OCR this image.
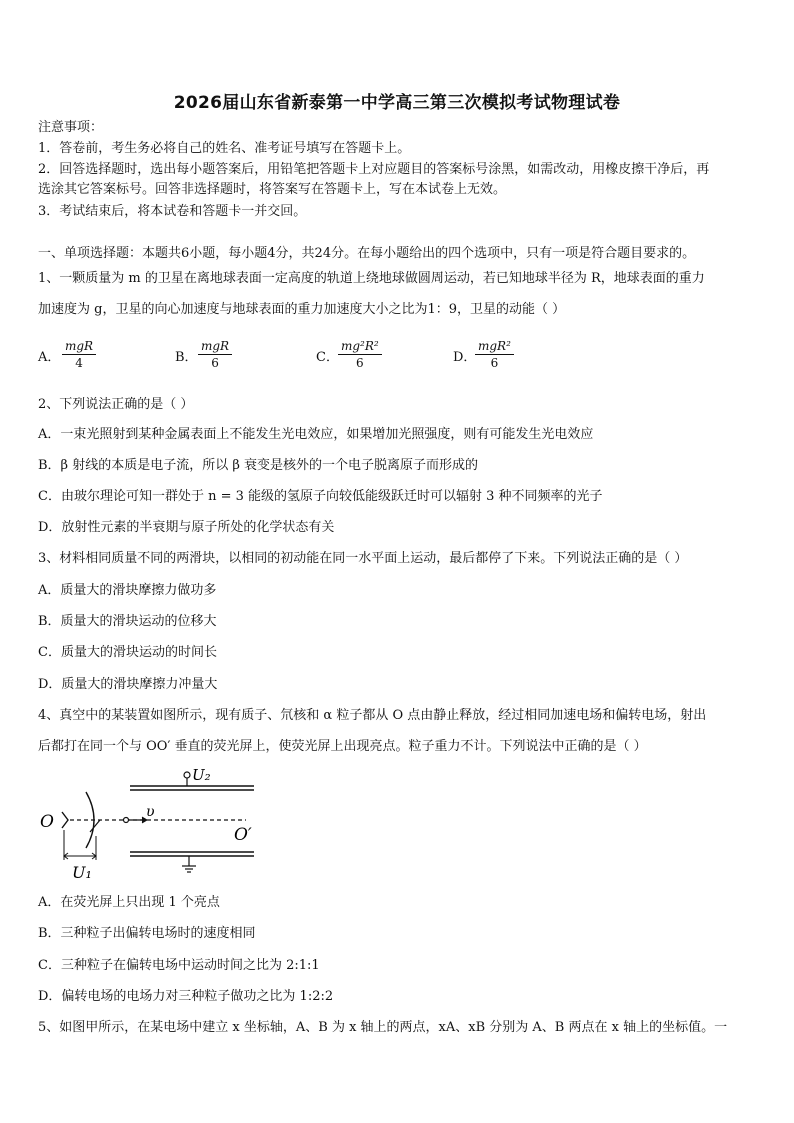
2026届山东省新泰第一中学高三第三次模拟考试物理试卷
注意事项：
1．答卷前，考生务必将自己的姓名、准考证号填写在答题卡上。
2．回答选择题时，选出每小题答案后，用铅笔把答题卡上对应题目的答案标号涂黑，如需改动，用橡皮擦干净后，再
选涂其它答案标号。回答非选择题时，将答案写在答题卡上，写在本试卷上无效。
3．考试结束后，将本试卷和答题卡一并交回。
一、单项选择题：本题共6小题，每小题4分，共24分。在每小题给出的四个选项中，只有一项是符合题目要求的。
1、一颗质量为 m 的卫星在离地球表面一定高度的轨道上绕地球做圆周运动，若已知地球半径为 R，地球表面的重力
加速度为 g，卫星的向心加速度与地球表面的重力加速度大小之比为1：9，卫星的动能（ ）
A．
mgR
4	B．
mgR
6	C． $\frac{\text{mg²R²}}{6}$	D．
mgR²
6
2、下列说法正确的是（ ）
A．一束光照射到某种金属表面上不能发生光电效应，如果增加光照强度，则有可能发生光电效应
B．β 射线的本质是电子流，所以 β 衰变是核外的一个电子脱离原子而形成的
C．由玻尔理论可知一群处于 n = 3 能级的氢原子向较低能级跃迁时可以辐射 3 种不同频率的光子
D．放射性元素的半衰期与原子所处的化学状态有关
3、材料相同质量不同的两滑块，以相同的初动能在同一水平面上运动，最后都停了下来。下列说法正确的是（ ）
A．质量大的滑块摩擦力做功多
B．质量大的滑块运动的位移大
C．质量大的滑块运动的时间长
D．质量大的滑块摩擦力冲量大
4、真空中的某装置如图所示，现有质子、氘核和 α 粒子都从 O 点由静止释放，经过相同加速电场和偏转电场，射出
后都打在同一个与 OO′ 垂直的荧光屏上，使荧光屏上出现亮点。粒子重力不计。下列说法中正确的是（ ）
U₂
O	υ
O′
U₁
A．在荧光屏上只出现 1 个亮点
B．三种粒子出偏转电场时的速度相同
C．三种粒子在偏转电场中运动时间之比为 2:1:1
D．偏转电场的电场力对三种粒子做功之比为 1:2:2
5、如图甲所示，在某电场中建立 x 坐标轴，A、B 为 x 轴上的两点，xA、xB 分别为 A、B 两点在 x 轴上的坐标值。一
